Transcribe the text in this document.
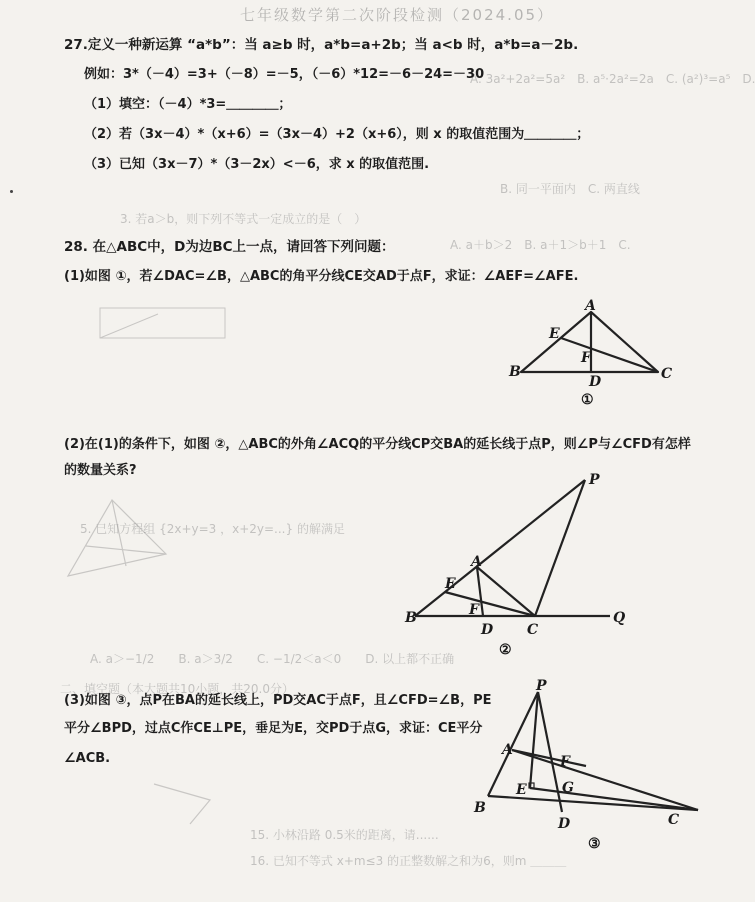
七年级数学第二次阶段检测（2024.05）
A. 3a²+2a²=5a²　B. a⁵·2a²=2a　C. (a²)³=a⁵　D.
B. 同一平面内　C. 两直线
3. 若a＞b，则下列不等式一定成立的是（　）
A. a＋b＞2　B. a＋1＞b＋1　C.
5. 已知方程组 {2x+y=3 ，x+2y=...} 的解满足
A. a＞−1/2　　B. a＞3/2　　C. −1/2＜a＜0　　D. 以上都不正确
二、填空题（本大题共10小题，共20.0分）
15. 小林沿路 0.5米的距离，请......
16. 已知不等式 x+m≤3 的正整数解之和为6，则m ＿＿＿
27.定义一种新运算 “a*b”：当 a≥b 时，a*b=a+2b；当 a<b 时，a*b=a－2b.
例如：3*（－4）=3+（－8）=－5，（－6）*12=－6－24=－30
（1）填空：（－4）*3=＿＿＿＿；
（2）若（3x－4）*（x+6）=（3x－4）+2（x+6），则 x 的取值范围为＿＿＿＿；
（3）已知（3x－7）*（3－2x）<－6，求 x 的取值范围.
28. 在△ABC中，D为边BC上一点，请回答下列问题：
(1)如图 ①，若∠DAC=∠B，△ABC的角平分线CE交AD于点F，求证：∠AEF=∠AFE.
A
E
F
B
D	C
①
(2)在(1)的条件下，如图 ②，△ABC的外角∠ACQ的平分线CP交BA的延长线于点P，则∠P与∠CFD有怎样
的数量关系?
P
A
E
F
B
D C
Q
②
(3)如图 ③，点P在BA的延长线上，PD交AC于点F，且∠CFD=∠B，PE
平分∠BPD，过点C作CE⊥PE，垂足为E，交PD于点G，求证：CE平分
∠ACB.
P
A
F
E	G
B
D	C
③
